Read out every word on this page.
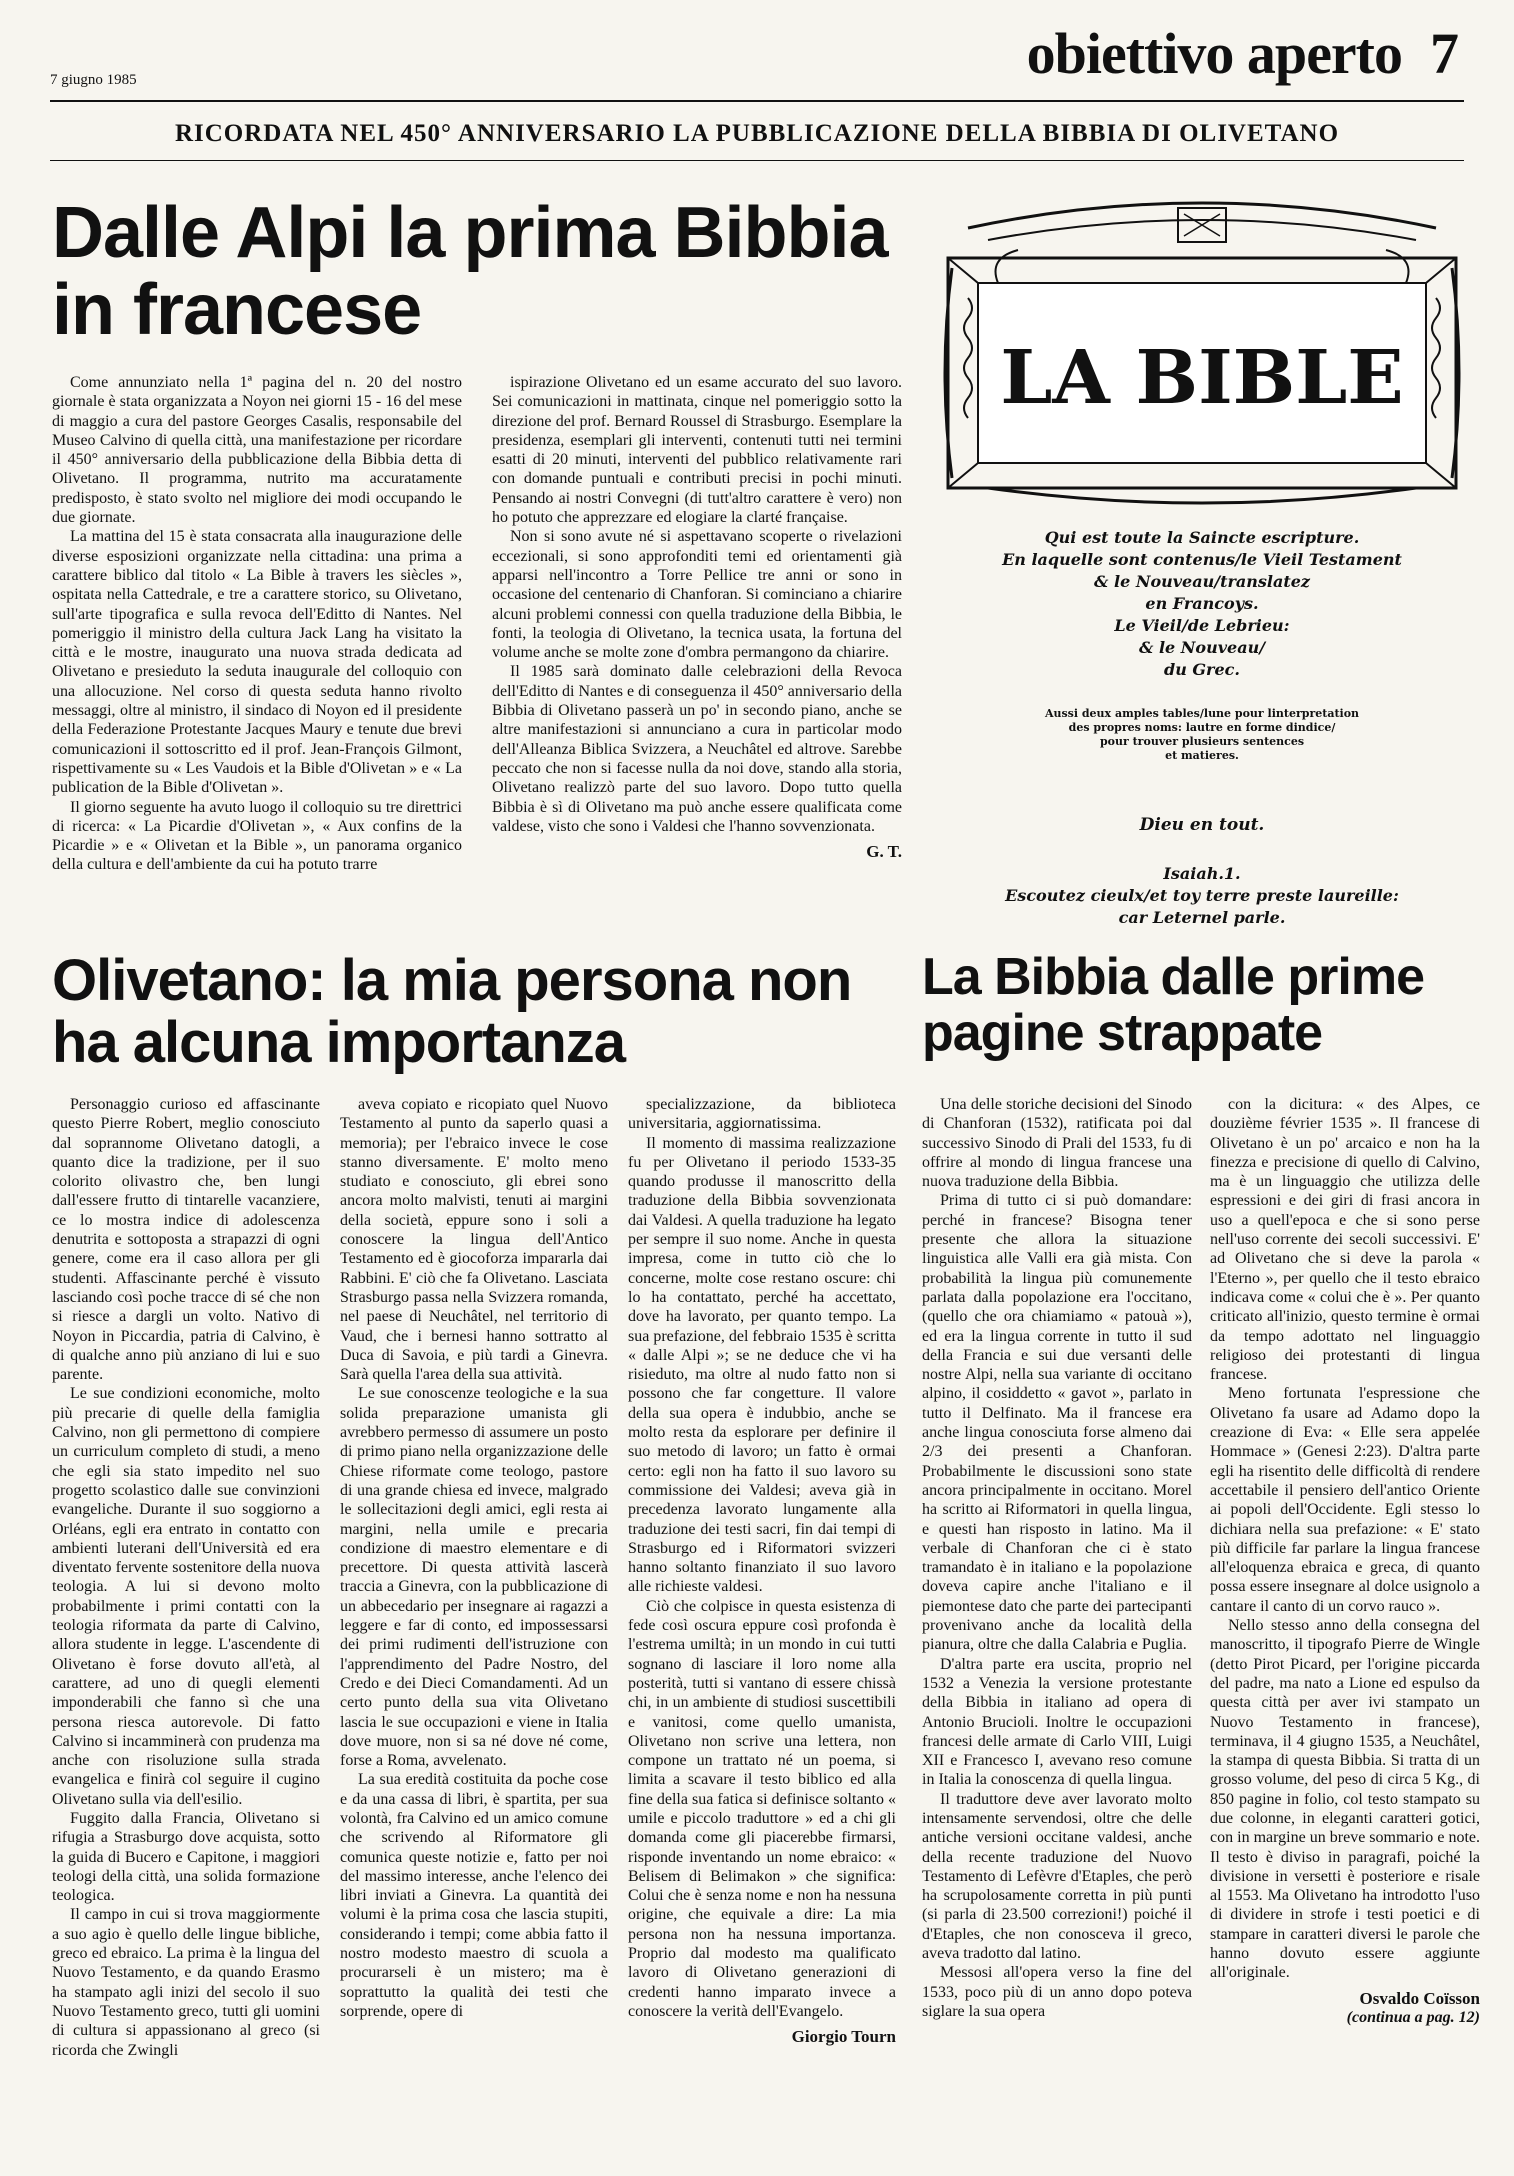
7 giugno 1985	obiettivo aperto 7
RICORDATA NEL 450° ANNIVERSARIO LA PUBBLICAZIONE DELLA BIBBIA DI OLIVETANO
Dalle Alpi la prima Bibbia in francese

Come annunziato nella 1ª pagina del n. 20 del nostro giornale è stata organizzata a Noyon nei giorni 15 - 16 del mese di maggio a cura del pastore Georges Casalis, responsabile del Museo Calvino di quella città, una manifestazione per ricordare il 450° anniversario della pubblicazione della Bibbia detta di Olivetano. Il programma, nutrito ma accuratamente predisposto, è stato svolto nel migliore dei modi occupando le due giornate.

La mattina del 15 è stata consacrata alla inaugurazione delle diverse esposizioni organizzate nella cittadina: una prima a carattere biblico dal titolo « La Bible à travers les siècles », ospitata nella Cattedrale, e tre a carattere storico, su Olivetano, sull'arte tipografica e sulla revoca dell'Editto di Nantes. Nel pomeriggio il ministro della cultura Jack Lang ha visitato la città e le mostre, inaugurato una nuova strada dedicata ad Olivetano e presieduto la seduta inaugurale del colloquio con una allocuzione. Nel corso di questa seduta hanno rivolto messaggi, oltre al ministro, il sindaco di Noyon ed il presidente della Federazione Protestante Jacques Maury e tenute due brevi comunicazioni il sottoscritto ed il prof. Jean-François Gilmont, rispettivamente su « Les Vaudois et la Bible d'Olivetan » e « La publication de la Bible d'Olivetan ».

Il giorno seguente ha avuto luogo il colloquio su tre direttrici di ricerca: « La Picardie d'Olivetan », « Aux confins de la Picardie » e « Olivetan et la Bible », un panorama organico della cultura e dell'ambiente da cui ha potuto trarre

ispirazione Olivetano ed un esame accurato del suo lavoro. Sei comunicazioni in mattinata, cinque nel pomeriggio sotto la direzione del prof. Bernard Roussel di Strasburgo. Esemplare la presidenza, esemplari gli interventi, contenuti tutti nei termini esatti di 20 minuti, interventi del pubblico relativamente rari con domande puntuali e contributi precisi in pochi minuti. Pensando ai nostri Convegni (di tutt'altro carattere è vero) non ho potuto che apprezzare ed elogiare la clarté française.

Non si sono avute né si aspettavano scoperte o rivelazioni eccezionali, si sono approfonditi temi ed orientamenti già apparsi nell'incontro a Torre Pellice tre anni or sono in occasione del centenario di Chanforan. Si cominciano a chiarire alcuni problemi connessi con quella traduzione della Bibbia, le fonti, la teologia di Olivetano, la tecnica usata, la fortuna del volume anche se molte zone d'ombra permangono da chiarire.

Il 1985 sarà dominato dalle celebrazioni della Revoca dell'Editto di Nantes e di conseguenza il 450° anniversario della Bibbia di Olivetano passerà un po' in secondo piano, anche se altre manifestazioni si annunciano a cura in particolar modo dell'Alleanza Biblica Svizzera, a Neuchâtel ed altrove. Sarebbe peccato che non si facesse nulla da noi dove, stando alla storia, Olivetano realizzò parte del suo lavoro. Dopo tutto quella Bibbia è sì di Olivetano ma può anche essere qualificata come valdese, visto che sono i Valdesi che l'hanno sovvenzionata.

G. T.
LA BIBLE
Qui est toute la Saincte escripture.
En laquelle sont contenus/le Vieil Testament
& le Nouveau/translatez
en Francoys.
Le Vieil/de Lebrieu:
& le Nouveau/
du Grec.
Aussi deux amples tables/lune pour linterpretation
des propres noms: lautre en forme dindice/
pour trouver plusieurs sentences
et matieres.
Dieu en tout.
Isaiah.1.
Escoutez cieulx/et toy terre preste laureille:
car Leternel parle.
Olivetano: la mia persona non ha alcuna importanza

Personaggio curioso ed affascinante questo Pierre Robert, meglio conosciuto dal soprannome Olivetano datogli, a quanto dice la tradizione, per il suo colorito olivastro che, ben lungi dall'essere frutto di tintarelle vacanziere, ce lo mostra indice di adolescenza denutrita e sottoposta a strapazzi di ogni genere, come era il caso allora per gli studenti. Affascinante perché è vissuto lasciando così poche tracce di sé che non si riesce a dargli un volto. Nativo di Noyon in Piccardia, patria di Calvino, è di qualche anno più anziano di lui e suo parente.

Le sue condizioni economiche, molto più precarie di quelle della famiglia Calvino, non gli permettono di compiere un curriculum completo di studi, a meno che egli sia stato impedito nel suo progetto scolastico dalle sue convinzioni evangeliche. Durante il suo soggiorno a Orléans, egli era entrato in contatto con ambienti luterani dell'Università ed era diventato fervente sostenitore della nuova teologia. A lui si devono molto probabilmente i primi contatti con la teologia riformata da parte di Calvino, allora studente in legge. L'ascendente di Olivetano è forse dovuto all'età, al carattere, ad uno di quegli elementi imponderabili che fanno sì che una persona riesca autorevole. Di fatto Calvino si incamminerà con prudenza ma anche con risoluzione sulla strada evangelica e finirà col seguire il cugino Olivetano sulla via dell'esilio.

Fuggito dalla Francia, Olivetano si rifugia a Strasburgo dove acquista, sotto la guida di Bucero e Capitone, i maggiori teologi della città, una solida formazione teologica.

Il campo in cui si trova maggiormente a suo agio è quello delle lingue bibliche, greco ed ebraico. La prima è la lingua del Nuovo Testamento, e da quando Erasmo ha stampato agli inizi del secolo il suo Nuovo Testamento greco, tutti gli uomini di cultura si appassionano al greco (si ricorda che Zwingli

aveva copiato e ricopiato quel Nuovo Testamento al punto da saperlo quasi a memoria); per l'ebraico invece le cose stanno diversamente. E' molto meno studiato e conosciuto, gli ebrei sono ancora molto malvisti, tenuti ai margini della società, eppure sono i soli a conoscere la lingua dell'Antico Testamento ed è giocoforza impararla dai Rabbini. E' ciò che fa Olivetano. Lasciata Strasburgo passa nella Svizzera romanda, nel paese di Neuchâtel, nel territorio di Vaud, che i bernesi hanno sottratto al Duca di Savoia, e più tardi a Ginevra. Sarà quella l'area della sua attività.

Le sue conoscenze teologiche e la sua solida preparazione umanista gli avrebbero permesso di assumere un posto di primo piano nella organizzazione delle Chiese riformate come teologo, pastore di una grande chiesa ed invece, malgrado le sollecitazioni degli amici, egli resta ai margini, nella umile e precaria condizione di maestro elementare e di precettore. Di questa attività lascerà traccia a Ginevra, con la pubblicazione di un abbecedario per insegnare ai ragazzi a leggere e far di conto, ed impossessarsi dei primi rudimenti dell'istruzione con l'apprendimento del Padre Nostro, del Credo e dei Dieci Comandamenti. Ad un certo punto della sua vita Olivetano lascia le sue occupazioni e viene in Italia dove muore, non si sa né dove né come, forse a Roma, avvelenato.

La sua eredità costituita da poche cose e da una cassa di libri, è spartita, per sua volontà, fra Calvino ed un amico comune che scrivendo al Riformatore gli comunica queste notizie e, fatto per noi del massimo interesse, anche l'elenco dei libri inviati a Ginevra. La quantità dei volumi è la prima cosa che lascia stupiti, considerando i tempi; come abbia fatto il nostro modesto maestro di scuola a procurarseli è un mistero; ma è soprattutto la qualità dei testi che sorprende, opere di

specializzazione, da biblioteca universitaria, aggiornatissima.

Il momento di massima realizzazione fu per Olivetano il periodo 1533-35 quando produsse il manoscritto della traduzione della Bibbia sovvenzionata dai Valdesi. A quella traduzione ha legato per sempre il suo nome. Anche in questa impresa, come in tutto ciò che lo concerne, molte cose restano oscure: chi lo ha contattato, perché ha accettato, dove ha lavorato, per quanto tempo. La sua prefazione, del febbraio 1535 è scritta « dalle Alpi »; se ne deduce che vi ha risieduto, ma oltre al nudo fatto non si possono che far congetture. Il valore della sua opera è indubbio, anche se molto resta da esplorare per definire il suo metodo di lavoro; un fatto è ormai certo: egli non ha fatto il suo lavoro su commissione dei Valdesi; aveva già in precedenza lavorato lungamente alla traduzione dei testi sacri, fin dai tempi di Strasburgo ed i Riformatori svizzeri hanno soltanto finanziato il suo lavoro alle richieste valdesi.

Ciò che colpisce in questa esistenza di fede così oscura eppure così profonda è l'estrema umiltà; in un mondo in cui tutti sognano di lasciare il loro nome alla posterità, tutti si vantano di essere chissà chi, in un ambiente di studiosi suscettibili e vanitosi, come quello umanista, Olivetano non scrive una lettera, non compone un trattato né un poema, si limita a scavare il testo biblico ed alla fine della sua fatica si definisce soltanto « umile e piccolo traduttore » ed a chi gli domanda come gli piacerebbe firmarsi, risponde inventando un nome ebraico: « Belisem di Belimakon » che significa: Colui che è senza nome e non ha nessuna origine, che equivale a dire: La mia persona non ha nessuna importanza. Proprio dal modesto ma qualificato lavoro di Olivetano generazioni di credenti hanno imparato invece a conoscere la verità dell'Evangelo.

Giorgio Tourn
La Bibbia dalle prime pagine strappate

Una delle storiche decisioni del Sinodo di Chanforan (1532), ratificata poi dal successivo Sinodo di Prali del 1533, fu di offrire al mondo di lingua francese una nuova traduzione della Bibbia.

Prima di tutto ci si può domandare: perché in francese? Bisogna tener presente che allora la situazione linguistica alle Valli era già mista. Con probabilità la lingua più comunemente parlata dalla popolazione era l'occitano, (quello che ora chiamiamo « patouà »), ed era la lingua corrente in tutto il sud della Francia e sui due versanti delle nostre Alpi, nella sua variante di occitano alpino, il cosiddetto « gavot », parlato in tutto il Delfinato. Ma il francese era anche lingua conosciuta forse almeno dai 2/3 dei presenti a Chanforan. Probabilmente le discussioni sono state ancora principalmente in occitano. Morel ha scritto ai Riformatori in quella lingua, e questi han risposto in latino. Ma il verbale di Chanforan che ci è stato tramandato è in italiano e la popolazione doveva capire anche l'italiano e il piemontese dato che parte dei partecipanti provenivano anche da località della pianura, oltre che dalla Calabria e Puglia.

D'altra parte era uscita, proprio nel 1532 a Venezia la versione protestante della Bibbia in italiano ad opera di Antonio Brucioli. Inoltre le occupazioni francesi delle armate di Carlo VIII, Luigi XII e Francesco I, avevano reso comune in Italia la conoscenza di quella lingua.

Il traduttore deve aver lavorato molto intensamente servendosi, oltre che delle antiche versioni occitane valdesi, anche della recente traduzione del Nuovo Testamento di Lefèvre d'Etaples, che però ha scrupolosamente corretta in più punti (si parla di 23.500 correzioni!) poiché il d'Etaples, che non conosceva il greco, aveva tradotto dal latino.

Messosi all'opera verso la fine del 1533, poco più di un anno dopo poteva siglare la sua opera

con la dicitura: « des Alpes, ce douzième février 1535 ». Il francese di Olivetano è un po' arcaico e non ha la finezza e precisione di quello di Calvino, ma è un linguaggio che utilizza delle espressioni e dei giri di frasi ancora in uso a quell'epoca e che si sono perse nell'uso corrente dei secoli successivi. E' ad Olivetano che si deve la parola « l'Eterno », per quello che il testo ebraico indicava come « colui che è ». Per quanto criticato all'inizio, questo termine è ormai da tempo adottato nel linguaggio religioso dei protestanti di lingua francese.

Meno fortunata l'espressione che Olivetano fa usare ad Adamo dopo la creazione di Eva: « Elle sera appelée Hommace » (Genesi 2:23). D'altra parte egli ha risentito delle difficoltà di rendere accettabile il pensiero dell'antico Oriente ai popoli dell'Occidente. Egli stesso lo dichiara nella sua prefazione: « E' stato più difficile far parlare la lingua francese all'eloquenza ebraica e greca, di quanto possa essere insegnare al dolce usignolo a cantare il canto di un corvo rauco ».

Nello stesso anno della consegna del manoscritto, il tipografo Pierre de Wingle (detto Pirot Picard, per l'origine piccarda del padre, ma nato a Lione ed espulso da questa città per aver ivi stampato un Nuovo Testamento in francese), terminava, il 4 giugno 1535, a Neuchâtel, la stampa di questa Bibbia. Si tratta di un grosso volume, del peso di circa 5 Kg., di 850 pagine in folio, col testo stampato su due colonne, in eleganti caratteri gotici, con in margine un breve sommario e note. Il testo è diviso in paragrafi, poiché la divisione in versetti è posteriore e risale al 1553. Ma Olivetano ha introdotto l'uso di dividere in strofe i testi poetici e di stampare in caratteri diversi le parole che hanno dovuto essere aggiunte all'originale.

Osvaldo Coïsson
(continua a pag. 12)
